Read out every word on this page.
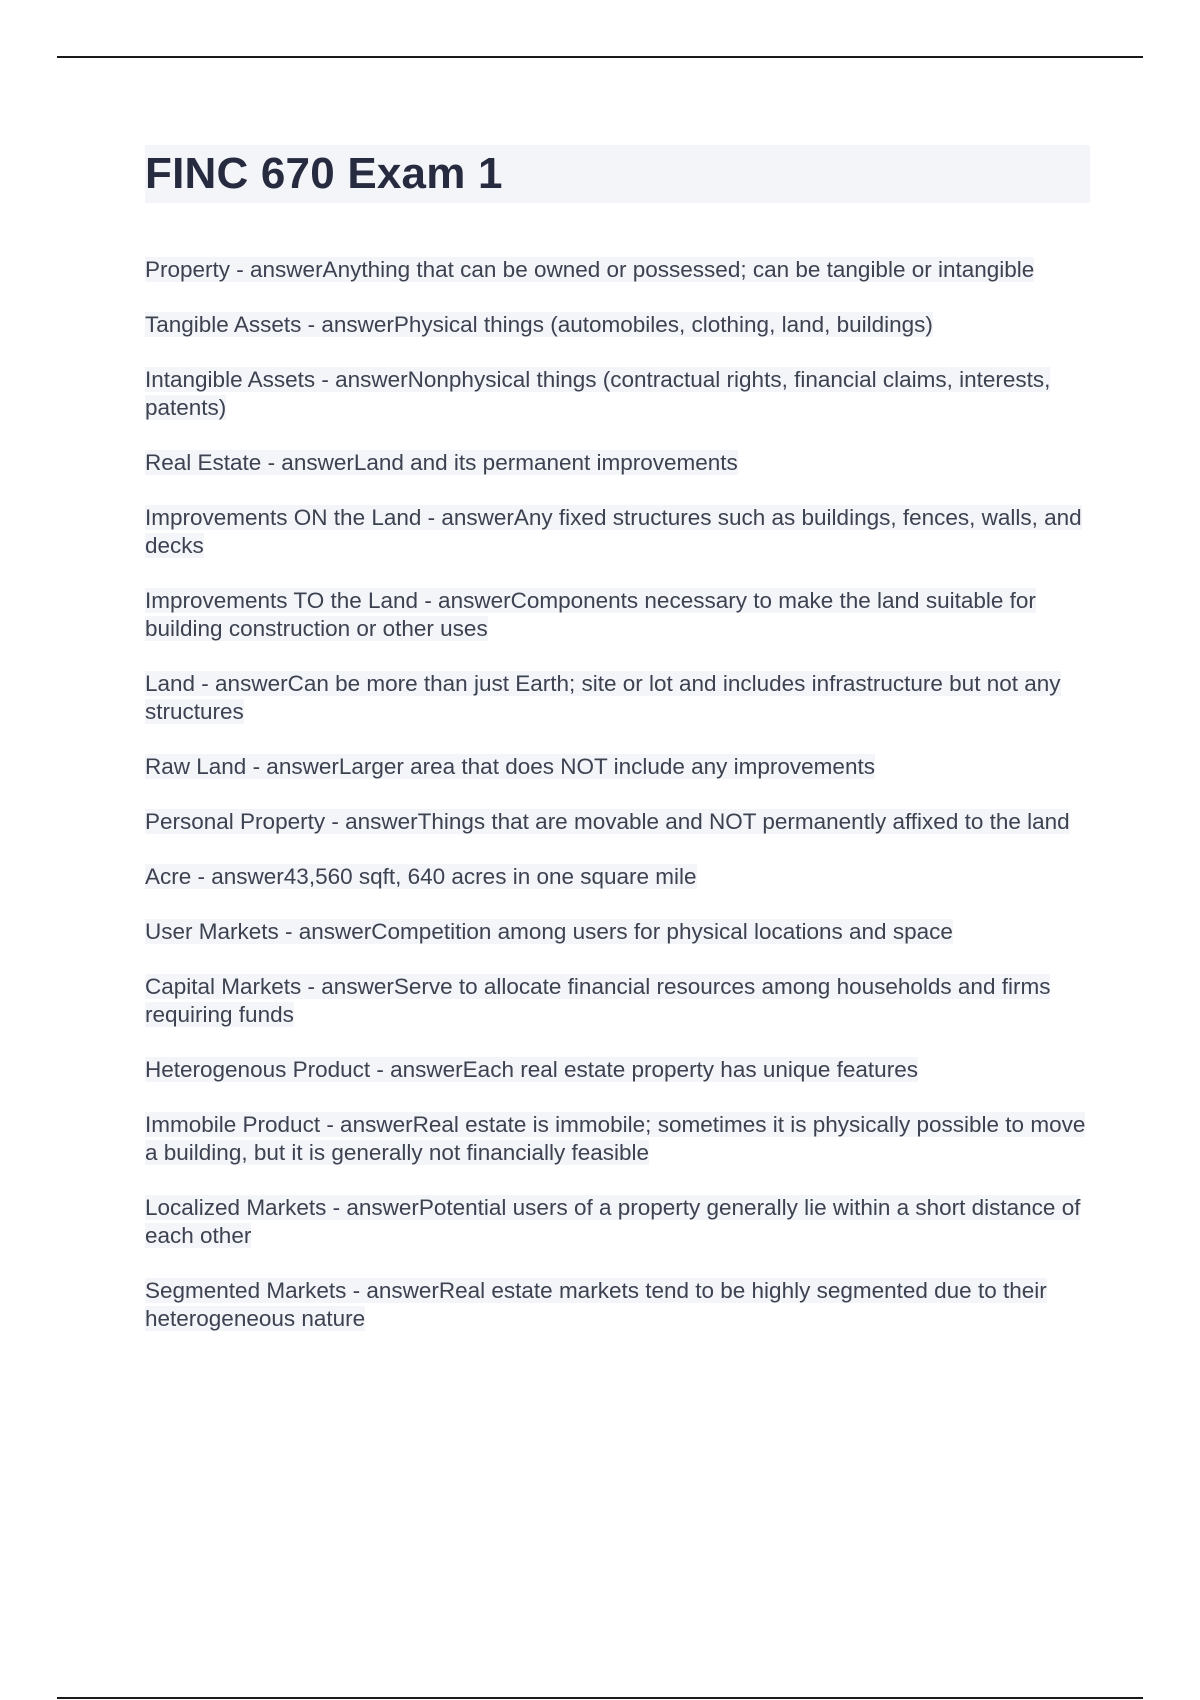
FINC 670 Exam 1

Property - answerAnything that can be owned or possessed; can be tangible or intangible

Tangible Assets - answerPhysical things (automobiles, clothing, land, buildings)

Intangible Assets - answerNonphysical things (contractual rights, financial claims, interests, patents)

Real Estate - answerLand and its permanent improvements

Improvements ON the Land - answerAny fixed structures such as buildings, fences, walls, and decks

Improvements TO the Land - answerComponents necessary to make the land suitable for building construction or other uses

Land - answerCan be more than just Earth; site or lot and includes infrastructure but not any structures

Raw Land - answerLarger area that does NOT include any improvements

Personal Property - answerThings that are movable and NOT permanently affixed to the land

Acre - answer43,560 sqft, 640 acres in one square mile

User Markets - answerCompetition among users for physical locations and space

Capital Markets - answerServe to allocate financial resources among households and firms requiring funds

Heterogenous Product - answerEach real estate property has unique features

Immobile Product - answerReal estate is immobile; sometimes it is physically possible to move a building, but it is generally not financially feasible

Localized Markets - answerPotential users of a property generally lie within a short distance of each other

Segmented Markets - answerReal estate markets tend to be highly segmented due to their heterogeneous nature
